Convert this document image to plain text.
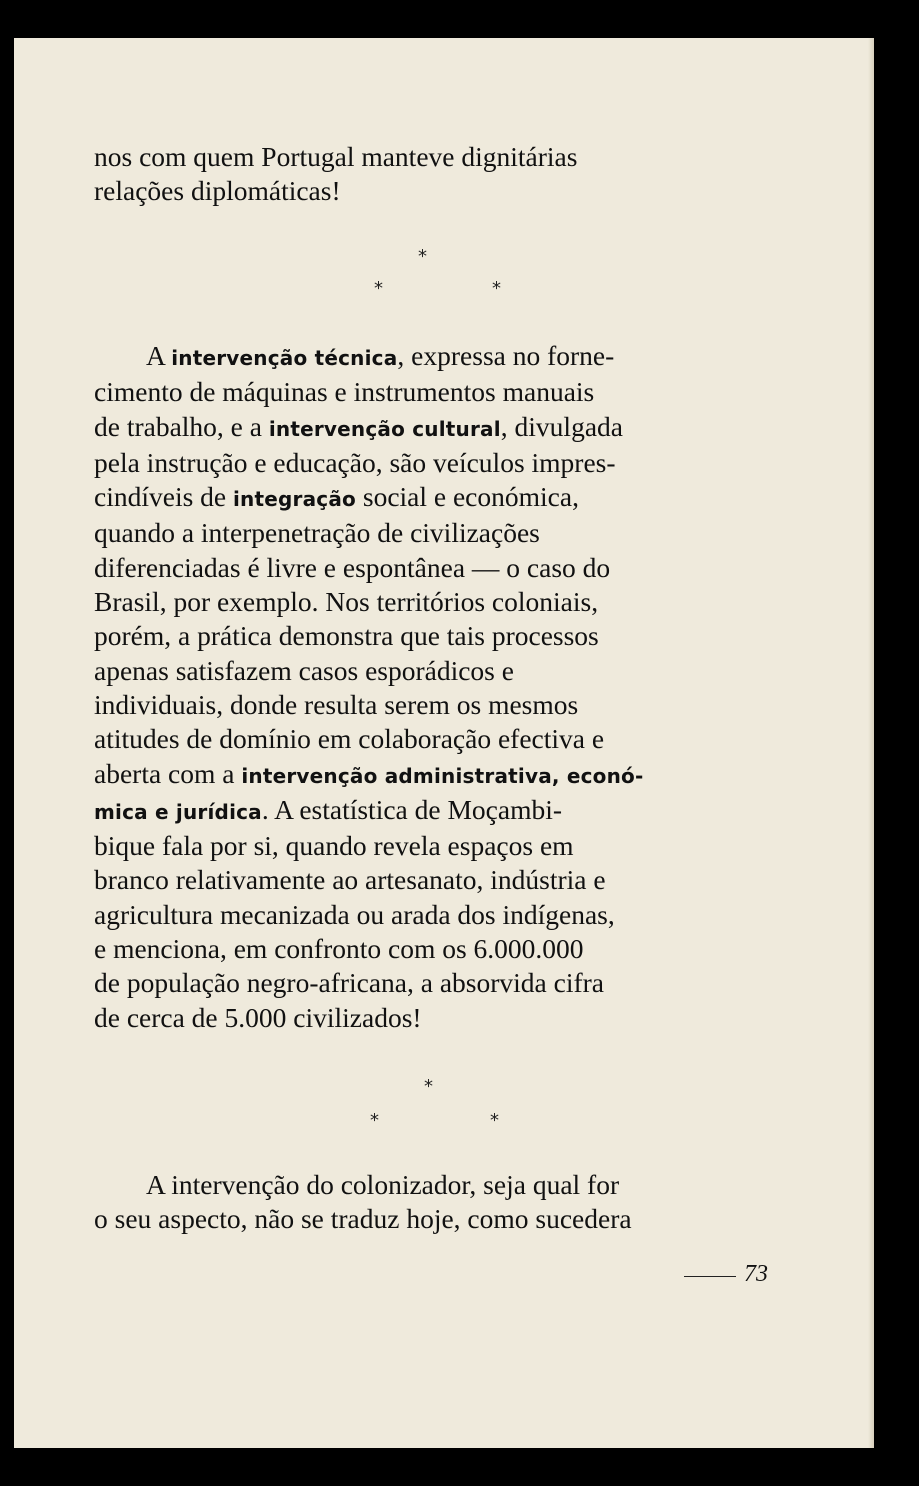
nos com quem Portugal manteve dignitárias

relações diplomáticas!

*
*	*

A intervenção técnica, expressa no forne-

cimento de máquinas e instrumentos manuais

de trabalho, e a intervenção cultural, divulgada

pela instrução e educação, são veículos impres-

cindíveis de integração social e económica,

quando a interpenetração de civilizações

diferenciadas é livre e espontânea — o caso do

Brasil, por exemplo. Nos territórios coloniais,

porém, a prática demonstra que tais processos

apenas satisfazem casos esporádicos e

individuais, donde resulta serem os mesmos

atitudes de domínio em colaboração efectiva e

aberta com a intervenção administrativa, econó-

mica e jurídica. A estatística de Moçambi-

bique fala por si, quando revela espaços em

branco relativamente ao artesanato, indústria e

agricultura mecanizada ou arada dos indígenas,

e menciona, em confronto com os 6.000.000

de população negro-africana, a absorvida cifra

de cerca de 5.000 civilizados!

*
*	*

A intervenção do colonizador, seja qual for

o seu aspecto, não se traduz hoje, como sucedera

73
